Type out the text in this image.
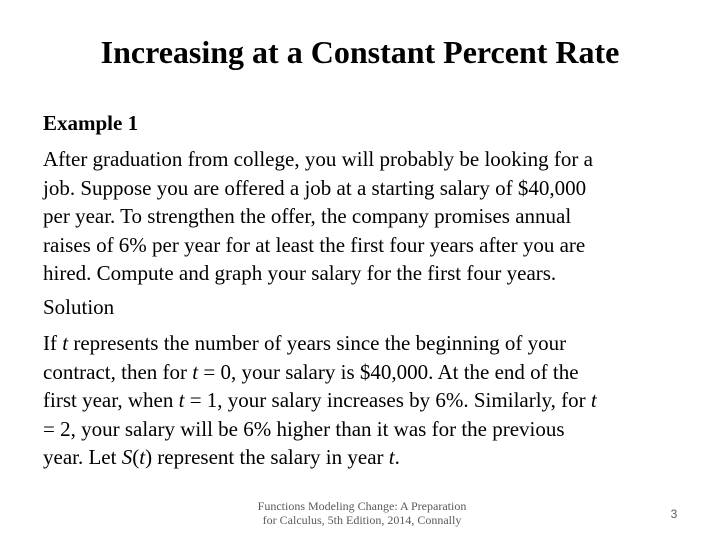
Increasing at a Constant Percent Rate
Example 1

After graduation from college, you will probably be looking for a

job. Suppose you are offered a job at a starting salary of $40,000

per year. To strengthen the offer, the company promises annual

raises of 6% per year for at least the first four years after you are

hired. Compute and graph your salary for the first four years.

Solution

If t represents the number of years since the beginning of your

contract, then for t = 0, your salary is $40,000. At the end of the

first year, when t = 1, your salary increases by 6%. Similarly, for t

= 2, your salary will be 6% higher than it was for the previous

year. Let S(t) represent the salary in year t.

Functions Modeling Change: A Preparation
for Calculus, 5th Edition, 2014, Connally	3
